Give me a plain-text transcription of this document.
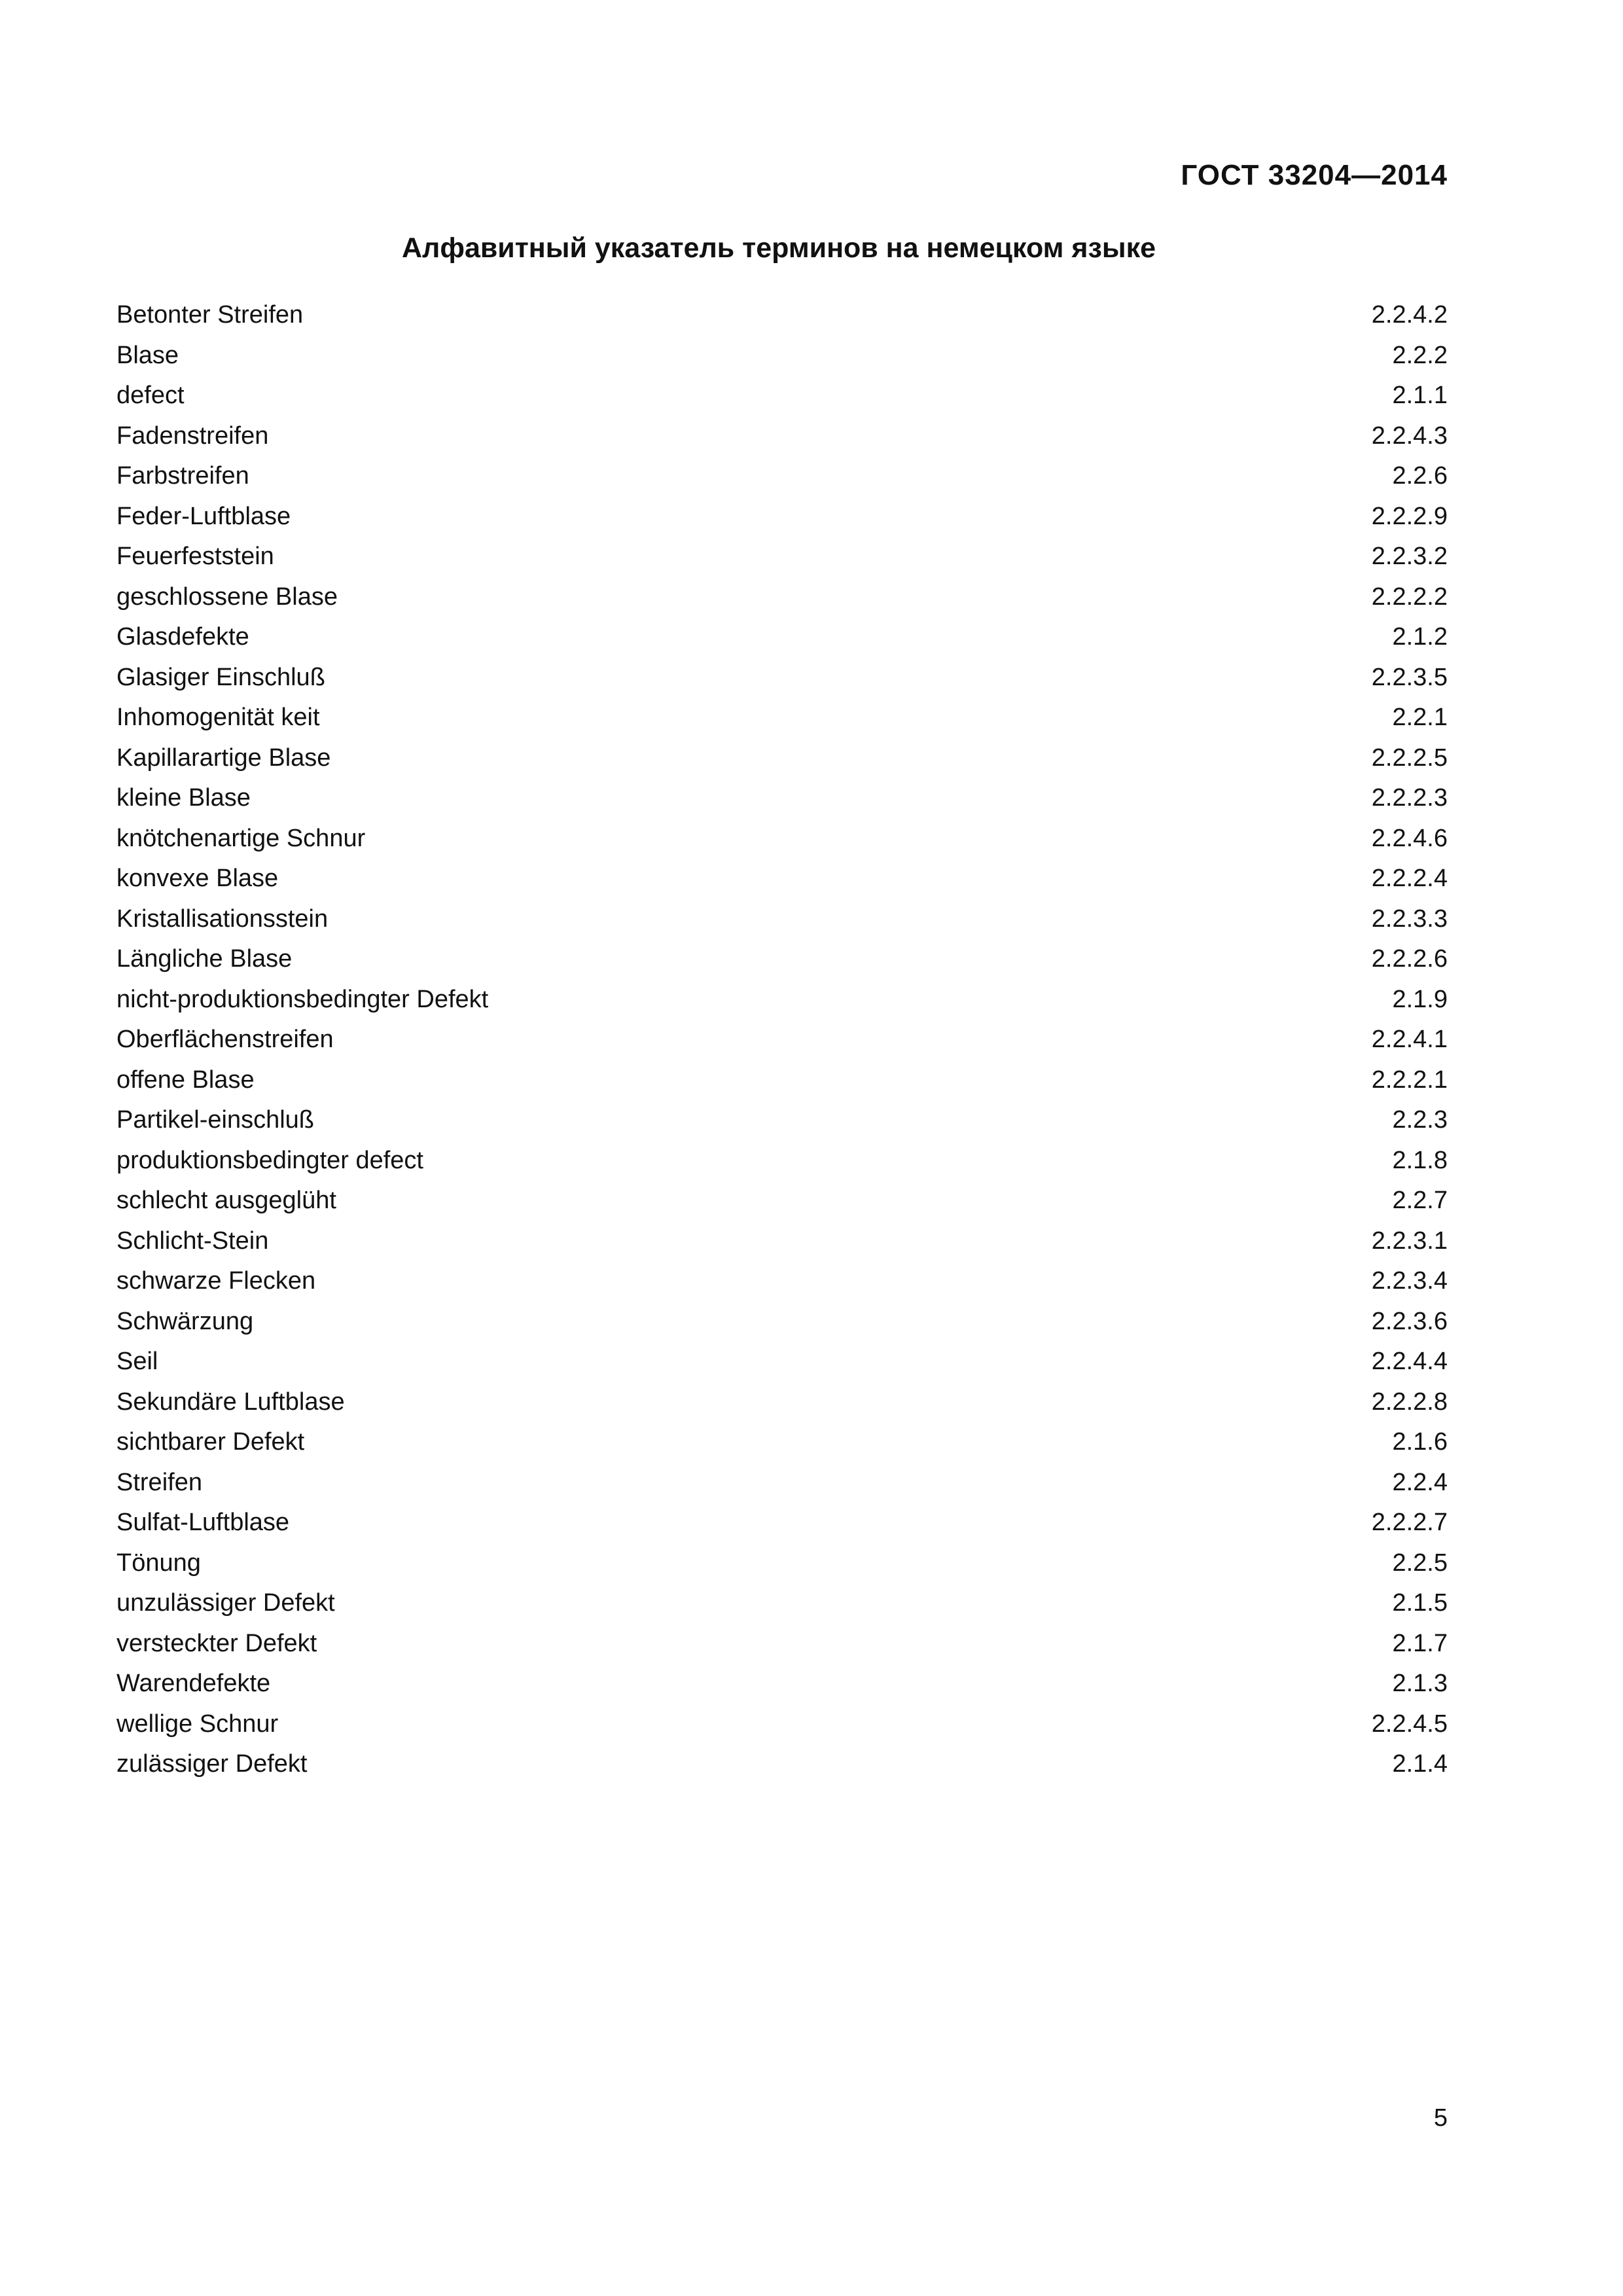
ГОСТ 33204—2014

Алфавитный указатель терминов на немецком языке
Betonter Streifen	2.2.4.2
Blase	2.2.2
defect	2.1.1
Fadenstreifen	2.2.4.3
Farbstreifen	2.2.6
Feder-Luftblase	2.2.2.9
Feuerfeststein	2.2.3.2
geschlossene Blase	2.2.2.2
Glasdefekte	2.1.2
Glasiger Einschluß	2.2.3.5
Inhomogenität keit	2.2.1
Kapillarartige Blase	2.2.2.5
kleine Blase	2.2.2.3
knötchenartige Schnur	2.2.4.6
konvexe Blase	2.2.2.4
Kristallisationsstein	2.2.3.3
Längliche Blase	2.2.2.6
nicht-produktionsbedingter Defekt	2.1.9
Oberflächenstreifen	2.2.4.1
offene Blase	2.2.2.1
Partikel-einschluß	2.2.3
produktionsbedingter defect	2.1.8
schlecht ausgeglüht	2.2.7
Schlicht-Stein	2.2.3.1
schwarze Flecken	2.2.3.4
Schwärzung	2.2.3.6
Seil	2.2.4.4
Sekundäre Luftblase	2.2.2.8
sichtbarer Defekt	2.1.6
Streifen	2.2.4
Sulfat-Luftblase	2.2.2.7
Tönung	2.2.5
unzulässiger Defekt	2.1.5
versteckter Defekt	2.1.7
Warendefekte	2.1.3
wellige Schnur	2.2.4.5
zulässiger Defekt	2.1.4

5
